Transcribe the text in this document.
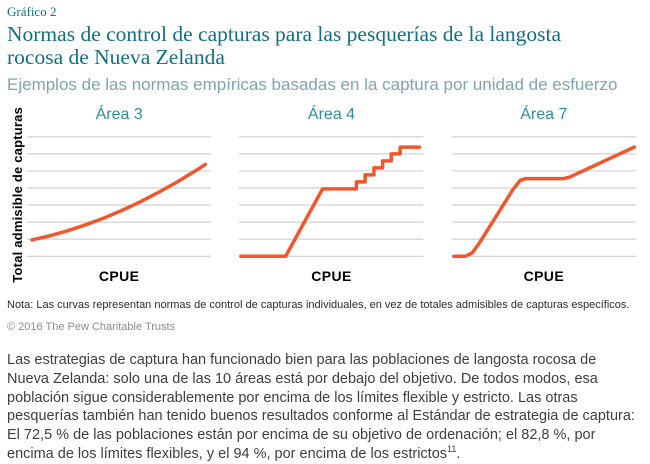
Gráfico 2
Normas de control de capturas para las pesquerías de la langosta rocosa de Nueva Zelanda
Ejemplos de las normas empíricas basadas en la captura por unidad de esfuerzo
Total admisible de capturas	Área 3
CPUE
Área 4
CPUE
Área 7
CPUE
Nota: Las curvas representan normas de control de capturas individuales, en vez de totales admisibles de capturas específicos.
© 2016 The Pew Charitable Trusts

Las estrategias de captura han funcionado bien para las poblaciones de langosta rocosa de Nueva Zelanda: solo una de las 10 áreas está por debajo del objetivo. De todos modos, esa población sigue considerablemente por encima de los límites flexible y estricto. Las otras pesquerías también han tenido buenos resultados conforme al Estándar de estrategia de captura: El 72,5 % de las poblaciones están por encima de su objetivo de ordenación; el 82,8 %, por encima de los límites flexibles, y el 94 %, por encima de los estrictos$^{11}$.
